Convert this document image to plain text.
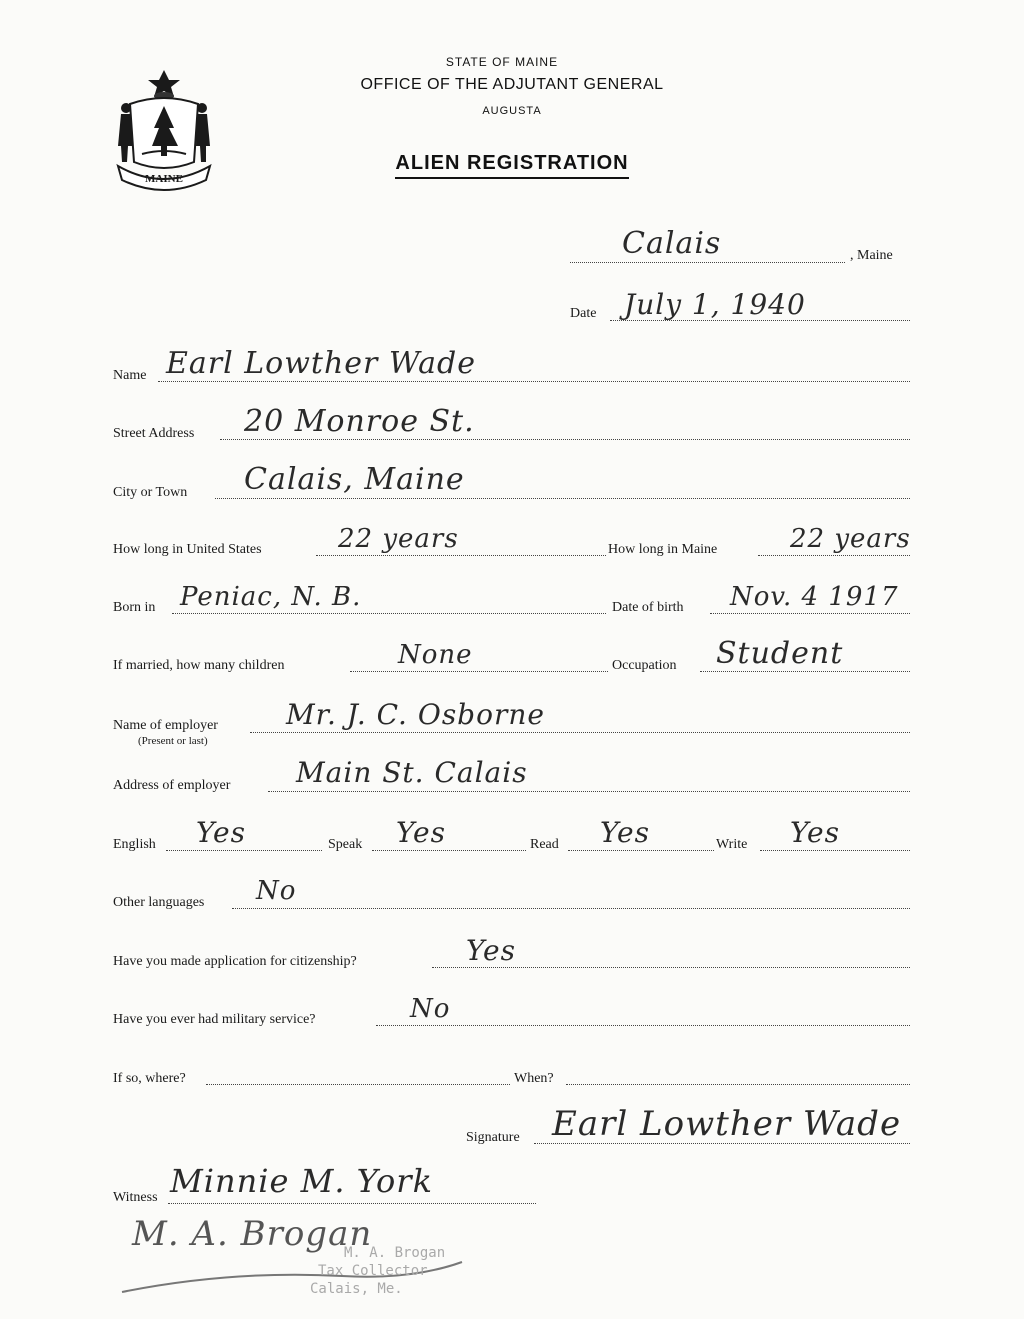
MAINE
STATE OF MAINE
OFFICE OF THE ADJUTANT GENERAL
AUGUSTA
ALIEN REGISTRATION
Calais	, Maine
Date July 1, 1940
Name Earl Lowther Wade
Street Address 20 Monroe St.
City or Town Calais, Maine
How long in United States	22 years	How long in Maine	22 years
Born in Peniac, N. B.	Date of birth Nov. 4 1917
If married, how many children	None	Occupation Student
Name of employer
(Present or last)
Mr. J. C. Osborne
Address of employer Main St. Calais
English Yes	Speak Yes	Read Yes	Write Yes
Other languages No
Have you made application for citizenship?	Yes
Have you ever had military service?	No
If so, where?	When?
Signature Earl Lowther Wade
Witness Minnie M. York
M. A. Brogan
M. A. Brogan
Tax Collector
Calais, Me.
